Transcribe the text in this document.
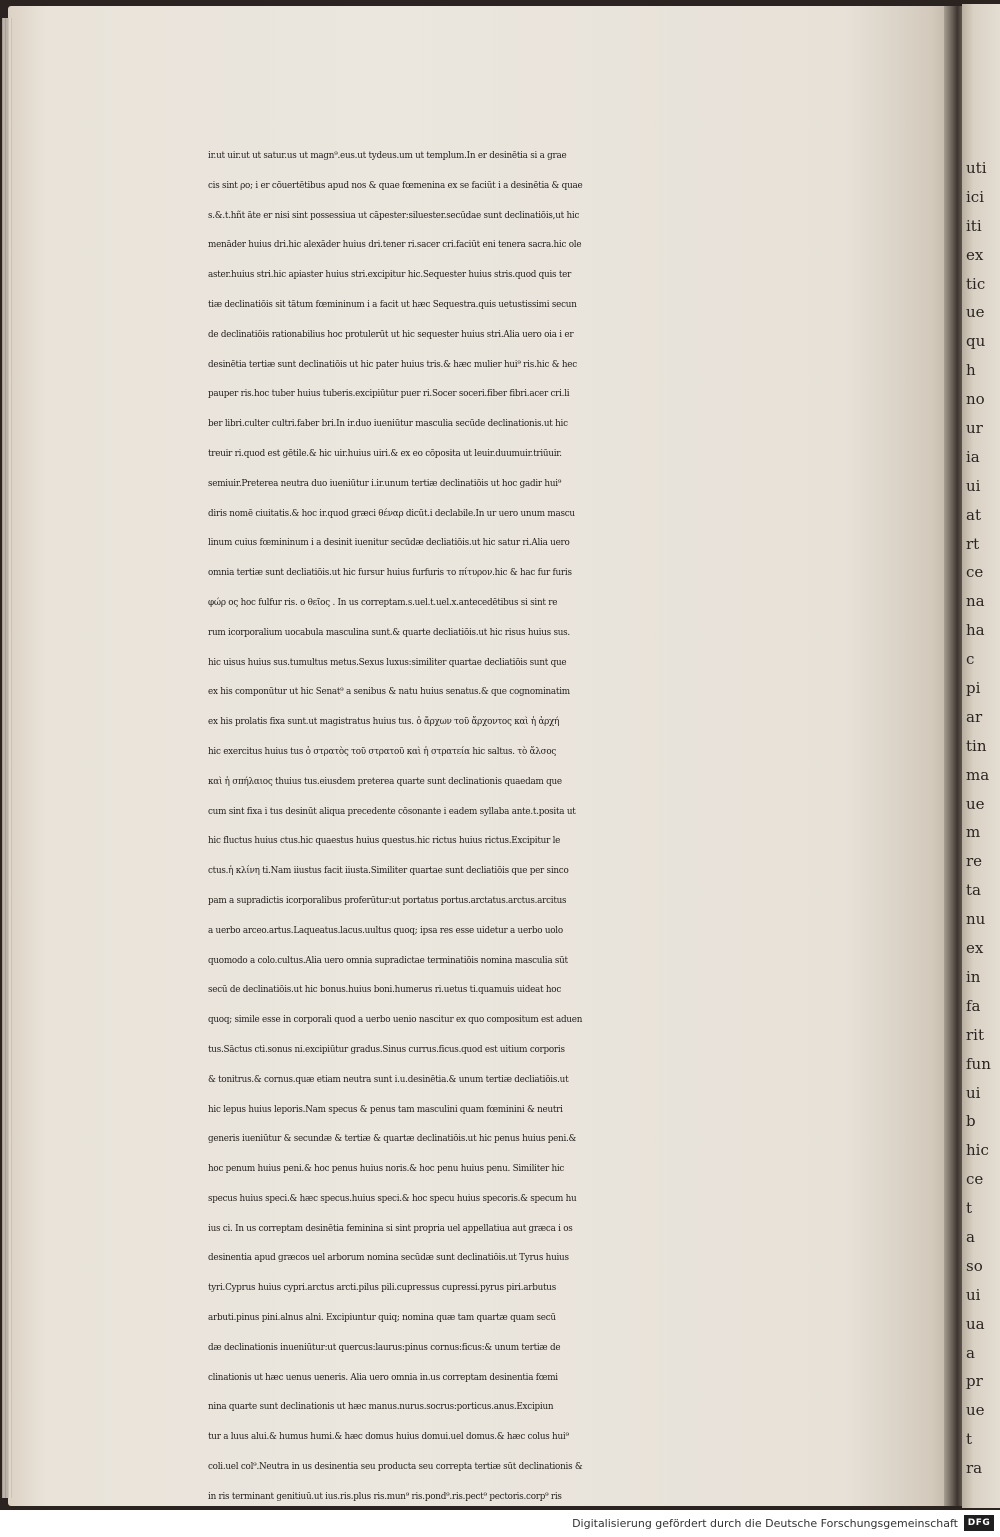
uti
ici
iti
ex
tic
ue
qu
h
no
ur
ia
ui
at
rt
ce
na
ha
c
pi
ar
tin
ma
ue
m
re
ta
nu
ex
in
fa
rit
fun
ui
b
hic
ce
t
a
so
ui
ua
a
pr
ue
t
ra
ir.ut uir.ut ut satur.us ut magn⁹.eus.ut tydeus.um ut templum.In er desinētia si a grae
cis sint ρο; i er cōuertētibus apud nos & quae fœmenina ex se faciūt i a desinētia & quae
s.&.t.hñt āte er nisi sint possessiua ut cāpester:siluester.secūdae sunt declinatiōis,ut hic
menāder huius dri.hic alexāder huius dri.tener ri.sacer cri.faciūt eni tenera sacra.hic ole
aster.huius stri.hic apiaster huius stri.excipitur hic.Sequester huius stris.quod quis ter
tiæ declinatiōis sit tātum fœmininum i a facit ut hæc Sequestra.quis uetustissimi secun
de declinatiōis rationabilius hoc protulerūt ut hic sequester huius stri.Alia uero oia i er
desinētia tertiæ sunt declinatiōis ut hic pater huius tris.& hæc mulier hui⁹ ris.hic & hec
pauper ris.hoc tuber huius tuberis.excipiūtur puer ri.Socer soceri.fiber fibri.acer cri.li
ber libri.culter cultri.faber bri.In ir.duo iueniūtur masculia secūde declinationis.ut hic
treuir ri.quod est gētile.& hic uir.huius uiri.& ex eo cōposita ut leuir.duumuir.triūuir.
semiuir.Preterea neutra duo iueniūtur i.ir.unum tertiæ declinatiōis ut hoc gadir hui⁹
diris nomē ciuitatis.& hoc ir.quod græci θέναρ dicūt.i declabile.In ur uero unum mascu
linum cuius fœmininum i a desinit iuenitur secūdæ decliatiōis.ut hic satur ri.Alia uero
omnia tertiæ sunt decliatiōis.ut hic fursur huius furfuris το πίτυρον.hic & hac fur furis
φώρ ος hoc fulfur ris. ο θεῖος . In us correptam.s.uel.t.uel.x.antecedētibus si sint re
rum icorporalium uocabula masculina sunt.& quarte decliatiōis.ut hic risus huius sus.
hic uisus huius sus.tumultus metus.Sexus luxus:similiter quartae decliatiōis sunt que
ex his componūtur ut hic Senat⁹ a senibus & natu huius senatus.& que cognominatim
ex his prolatis fixa sunt.ut magistratus huius tus. ὁ ἄρχων τοῦ ἄρχοντος καὶ ἡ ἀρχή
hic exercitus huius tus ὁ στρατὸς τοῦ στρατοῦ καὶ ἡ στρατεία hic saltus. τὸ ἄλσος
καὶ ἡ σπήλαιος thuius tus.eiusdem preterea quarte sunt declinationis quaedam que
cum sint fixa i tus desinūt aliqua precedente cōsonante i eadem syllaba ante.t.posita ut
hic fluctus huius ctus.hic quaestus huius questus.hic rictus huius rictus.Excipitur le
ctus.ἡ κλίνη ti.Nam iiustus facit iiusta.Similiter quartae sunt decliatiōis que per sinco
pam a supradictis icorporalibus proferūtur:ut portatus portus.arctatus.arctus.arcitus
a uerbo arceo.artus.Laqueatus.lacus.uultus quoq; ipsa res esse uidetur a uerbo uolo
quomodo a colo.cultus.Alia uero omnia supradictae terminatiōis nomina masculia sūt
secū de declinatiōis.ut hic bonus.huius boni.humerus ri.uetus ti.quamuis uideat hoc
quoq; simile esse in corporali quod a uerbo uenio nascitur ex quo compositum est aduen
tus.Sāctus cti.sonus ni.excipiūtur gradus.Sinus currus.ficus.quod est uitium corporis
& tonitrus.& cornus.quæ etiam neutra sunt i.u.desinētia.& unum tertiæ decliatiōis.ut
hic lepus huius leporis.Nam specus & penus tam masculini quam fœminini & neutri
generis iueniūtur & secundæ & tertiæ & quartæ declinatiōis.ut hic penus huius peni.&
hoc penum huius peni.& hoc penus huius noris.& hoc penu huius penu. Similiter hic
specus huius speci.& hæc specus.huius speci.& hoc specu huius specoris.& specum hu
ius ci. In us correptam desinētia feminina si sint propria uel appellatiua aut græca i os
desinentia apud græcos uel arborum nomina secūdæ sunt declinatiōis.ut Tyrus huius
tyri.Cyprus huius cypri.arctus arcti.pilus pili.cupressus cupressi.pyrus piri.arbutus
arbuti.pinus pini.alnus alni. Excipiuntur quiq; nomina quæ tam quartæ quam secū
dæ declinationis inueniūtur:ut quercus:laurus:pinus cornus:ficus:& unum tertiæ de
clinationis ut hæc uenus ueneris. Alia uero omnia in.us correptam desinentia fœmi
nina quarte sunt declinationis ut hæc manus.nurus.socrus:porticus.anus.Excipiun
tur a luus alui.& humus humi.& hæc domus huius domui.uel domus.& hæc colus hui⁹
coli.uel col⁹.Neutra in us desinentia seu producta seu correpta tertiæ sūt declinationis &
in ris terminant genitiuū.ut ius.ris.plus ris.mun⁹ ris.pond⁹.ris.pect⁹ pectoris.corp⁹ ris
Digitalisierung gefördert durch die Deutsche Forschungsgemeinschaft	DFG
